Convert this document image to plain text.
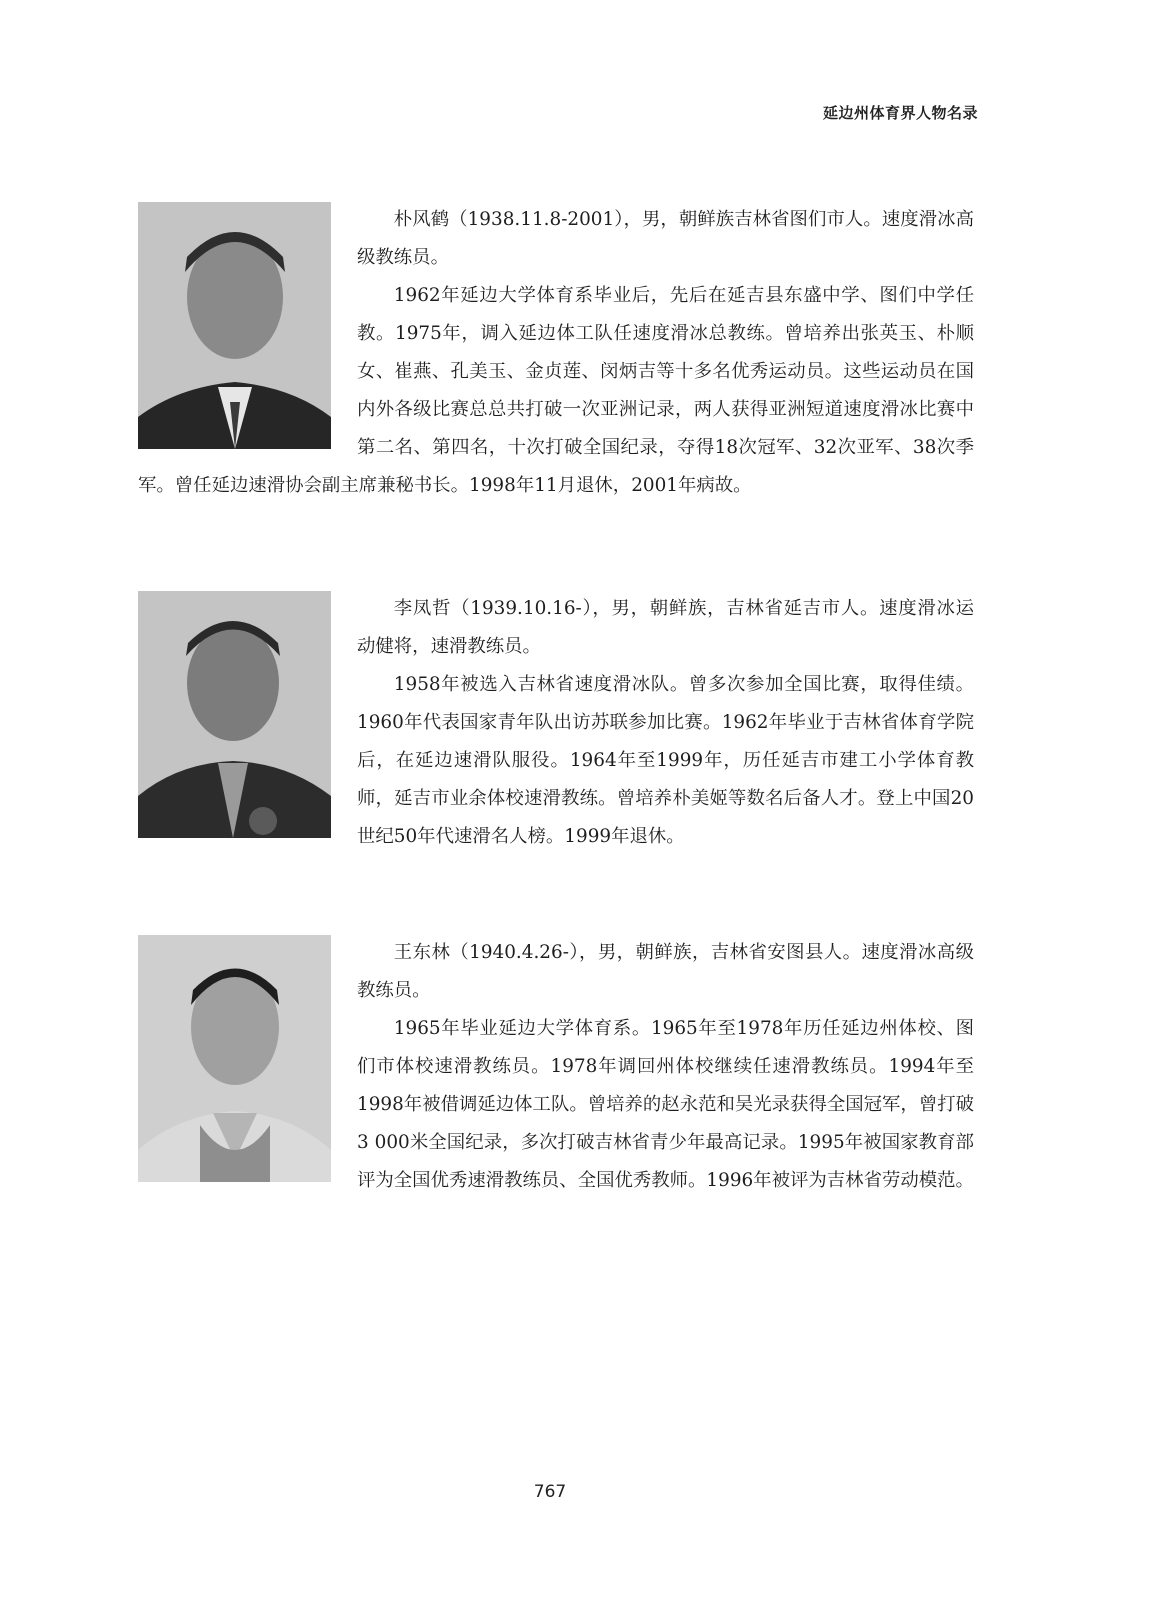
延边州体育界人物名录

朴风鹤（1938.11.8-2001），男，朝鲜族吉林省图们市人。速度滑冰高级教练员。

1962年延边大学体育系毕业后，先后在延吉县东盛中学、图们中学任教。1975年，调入延边体工队任速度滑冰总教练。曾培养出张英玉、朴顺女、崔燕、孔美玉、金贞莲、闵炳吉等十多名优秀运动员。这些运动员在国内外各级比赛总总共打破一次亚洲记录，两人获得亚洲短道速度滑冰比赛中第二名、第四名，十次打破全国纪录，夺得18次冠军、32次亚军、38次季军。曾任延边速滑协会副主席兼秘书长。1998年11月退休，2001年病故。

李凤哲（1939.10.16-），男，朝鲜族，吉林省延吉市人。速度滑冰运动健将，速滑教练员。

1958年被选入吉林省速度滑冰队。曾多次参加全国比赛，取得佳绩。1960年代表国家青年队出访苏联参加比赛。1962年毕业于吉林省体育学院后，在延边速滑队服役。1964年至1999年，历任延吉市建工小学体育教师，延吉市业余体校速滑教练。曾培养朴美姬等数名后备人才。登上中国20世纪50年代速滑名人榜。1999年退休。

王东林（1940.4.26-），男，朝鲜族，吉林省安图县人。速度滑冰高级教练员。

1965年毕业延边大学体育系。1965年至1978年历任延边州体校、图们市体校速滑教练员。1978年调回州体校继续任速滑教练员。1994年至1998年被借调延边体工队。曾培养的赵永范和吴光录获得全国冠军，曾打破3 000米全国纪录，多次打破吉林省青少年最高记录。1995年被国家教育部评为全国优秀速滑教练员、全国优秀教师。1996年被评为吉林省劳动模范。

767
